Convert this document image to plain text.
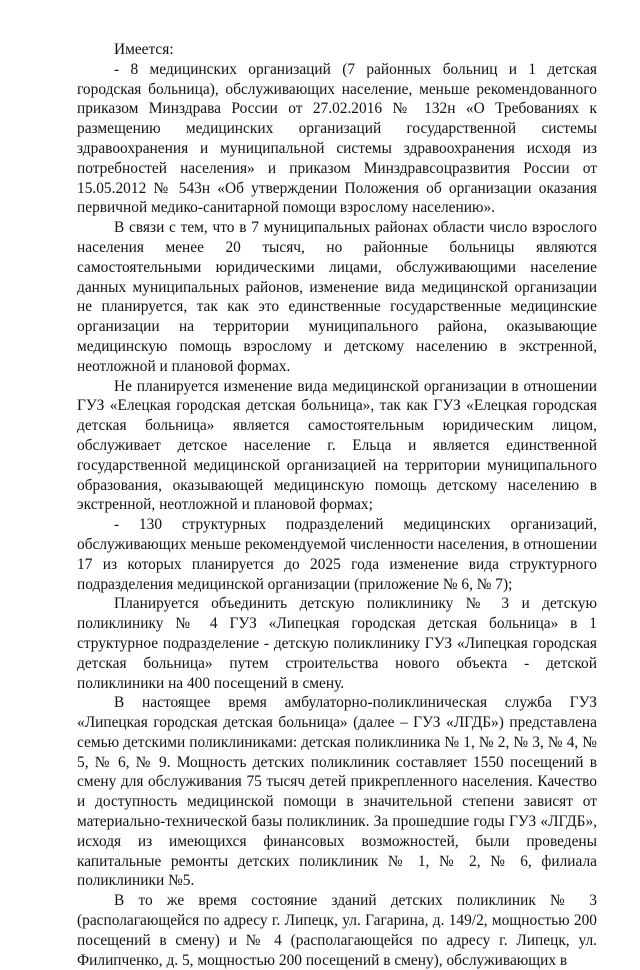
Имеется:

- 8 медицинских организаций (7 районных больниц и 1 детская городская больница), обслуживающих население, меньше рекомендованного приказом Минздрава России от 27.02.2016 № 132н «О Требованиях к размещению медицинских организаций государственной системы здравоохранения и муниципальной системы здравоохранения исходя из потребностей населения» и приказом Минздравсоцразвития России от 15.05.2012 № 543н «Об утверждении Положения об организации оказания первичной медико-санитарной помощи взрослому населению».

В связи с тем, что в 7 муниципальных районах области число взрослого населения менее 20 тысяч, но районные больницы являются самостоятельными юридическими лицами, обслуживающими население данных муниципальных районов, изменение вида медицинской организации не планируется, так как это единственные государственные медицинские организации на территории муниципального района, оказывающие медицинскую помощь взрослому и детскому населению в экстренной, неотложной и плановой формах.

Не планируется изменение вида медицинской организации в отношении ГУЗ «Елецкая городская детская больница», так как ГУЗ «Елецкая городская детская больница» является самостоятельным юридическим лицом, обслуживает детское население г. Ельца и является единственной государственной медицинской организацией на территории муниципального образования, оказывающей медицинскую помощь детскому населению в экстренной, неотложной и плановой формах;

- 130 структурных подразделений медицинских организаций, обслуживающих меньше рекомендуемой численности населения, в отношении 17 из которых планируется до 2025 года изменение вида структурного подразделения медицинской организации (приложение № 6, № 7);

Планируется объединить детскую поликлинику № 3 и детскую поликлинику № 4 ГУЗ «Липецкая городская детская больница» в 1 структурное подразделение - детскую поликлинику ГУЗ «Липецкая городская детская больница» путем строительства нового объекта - детской поликлиники на 400 посещений в смену.

В настоящее время амбулаторно-поликлиническая служба ГУЗ «Липецкая городская детская больница» (далее – ГУЗ «ЛГДБ») представлена семью детскими поликлиниками: детская поликлиника № 1, № 2, № 3, № 4, № 5, № 6, № 9. Мощность детских поликлиник составляет 1550 посещений в смену для обслуживания 75 тысяч детей прикрепленного населения. Качество и доступность медицинской помощи в значительной степени зависят от материально-технической базы поликлиник. За прошедшие годы ГУЗ «ЛГДБ», исходя из имеющихся финансовых возможностей, были проведены капитальные ремонты детских поликлиник № 1, № 2, № 6, филиала поликлиники №5.

В то же время состояние зданий детских поликлиник № 3 (располагающейся по адресу г. Липецк, ул. Гагарина, д. 149/2, мощностью 200 посещений в смену) и № 4 (располагающейся по адресу г. Липецк, ул. Филипченко, д. 5, мощностью 200 посещений в смену), обслуживающих в
